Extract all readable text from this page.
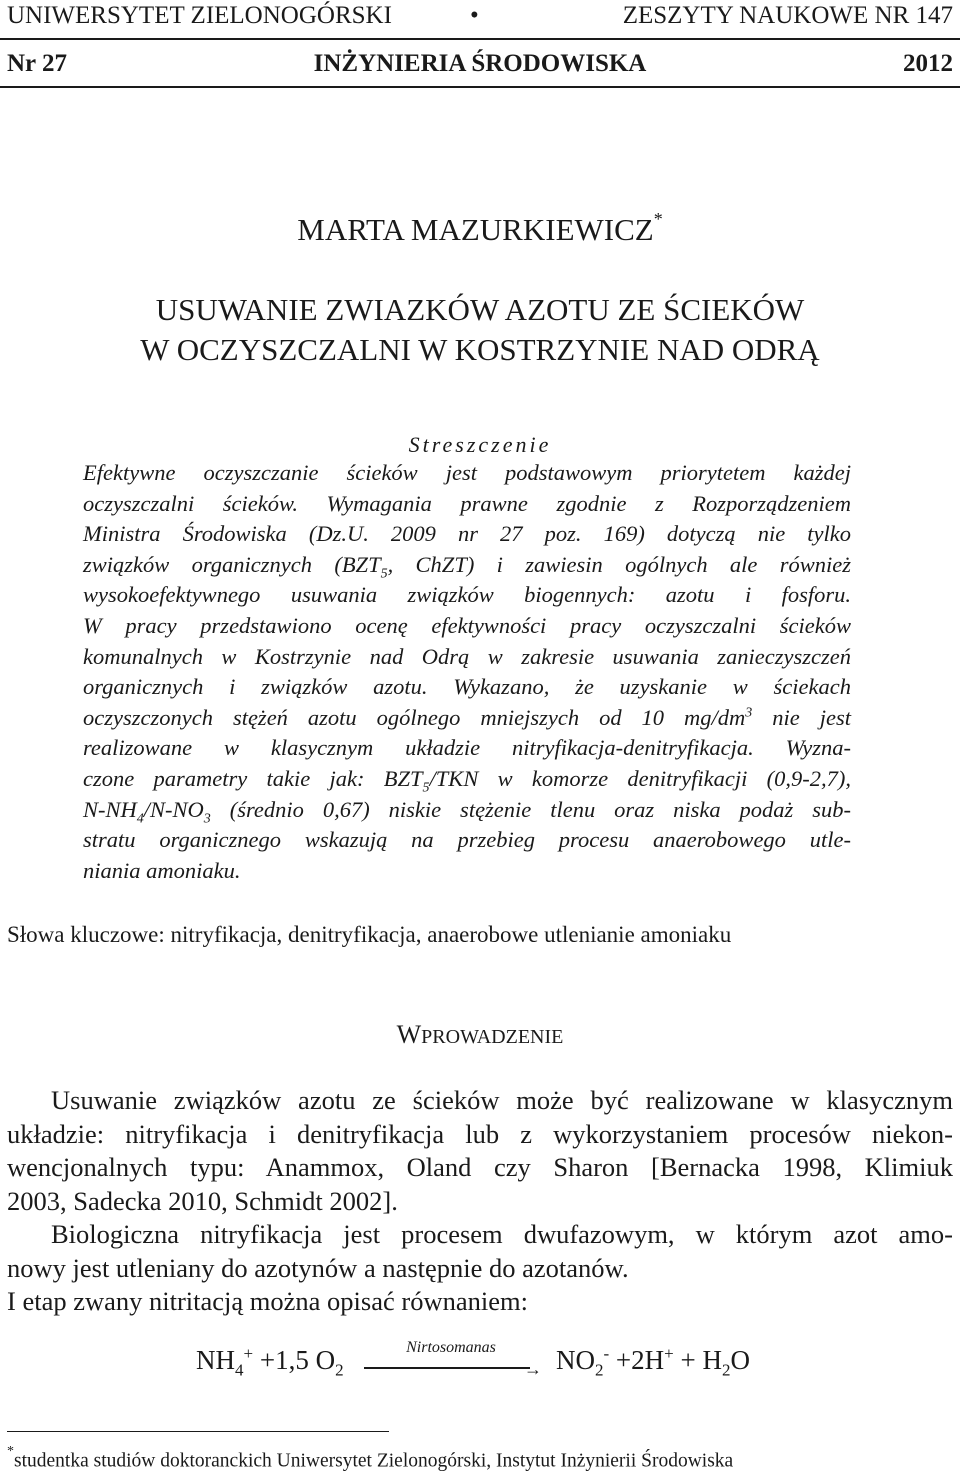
UNIWERSYTET ZIELONOGÓRSKI	•	ZESZYTY NAUKOWE NR 147
Nr 27	INŻYNIERIA ŚRODOWISKA	2012
MARTA MAZURKIEWICZ*
USUWANIE ZWIAZKÓW AZOTU ZE ŚCIEKÓW
W OCZYSZCZALNI W KOSTRZYNIE NAD ODRĄ
Streszczenie
Efektywne oczyszczanie ścieków jest podstawowym priorytetem każdej
oczyszczalni ścieków. Wymagania prawne zgodnie z Rozporządzeniem
Ministra Środowiska (Dz.U. 2009 nr 27 poz. 169) dotyczą nie tylko
związków organicznych ($BZT_5$, ChZT) i zawiesin ogólnych ale również
wysokoefektywnego usuwania związków biogennych: azotu i fosforu.
W pracy przedstawiono ocenę efektywności pracy oczyszczalni ścieków
komunalnych w Kostrzynie nad Odrą w zakresie usuwania zanieczyszczeń
organicznych i związków azotu. Wykazano, że uzyskanie w ściekach
oczyszczonych stężeń azotu ogólnego mniejszych od 10 $mg/dm^3$ nie jest
realizowane w klasycznym układzie nitryfikacja-denitryfikacja. Wyzna-
czone parametry takie jak: $BZT_5$/TKN w komorze denitryfikacji (0,9-2,7),
$N-NH_4/N-NO_3$ (średnio 0,67) niskie stężenie tlenu oraz niska podaż sub-
stratu organicznego wskazują na przebieg procesu anaerobowego utle-
niania amoniaku.
Słowa kluczowe: nitryfikacja, denitryfikacja, anaerobowe utlenianie amoniaku
WPROWADZENIE
Usuwanie związków azotu ze ścieków może być realizowane w klasycznym
układzie: nitryfikacja i denitryfikacja lub z wykorzystaniem procesów niekon-
wencjonalnych typu: Anammox, Oland czy Sharon [Bernacka 1998, Klimiuk
2003, Sadecka 2010, Schmidt 2002].
Biologiczna nitryfikacja jest procesem dwufazowym, w którym azot amo-
nowy jest utleniany do azotynów a następnie do azotanów.
I etap zwany nitritacją można opisać równaniem:
$NH_4^+ +1,5$ $O_2$
Nirtosomanas
→ $NO_2^- +2H^+ + H_2O$
*studentka studiów doktoranckich Uniwersytet Zielonogórski, Instytut Inżynierii Środowiska
